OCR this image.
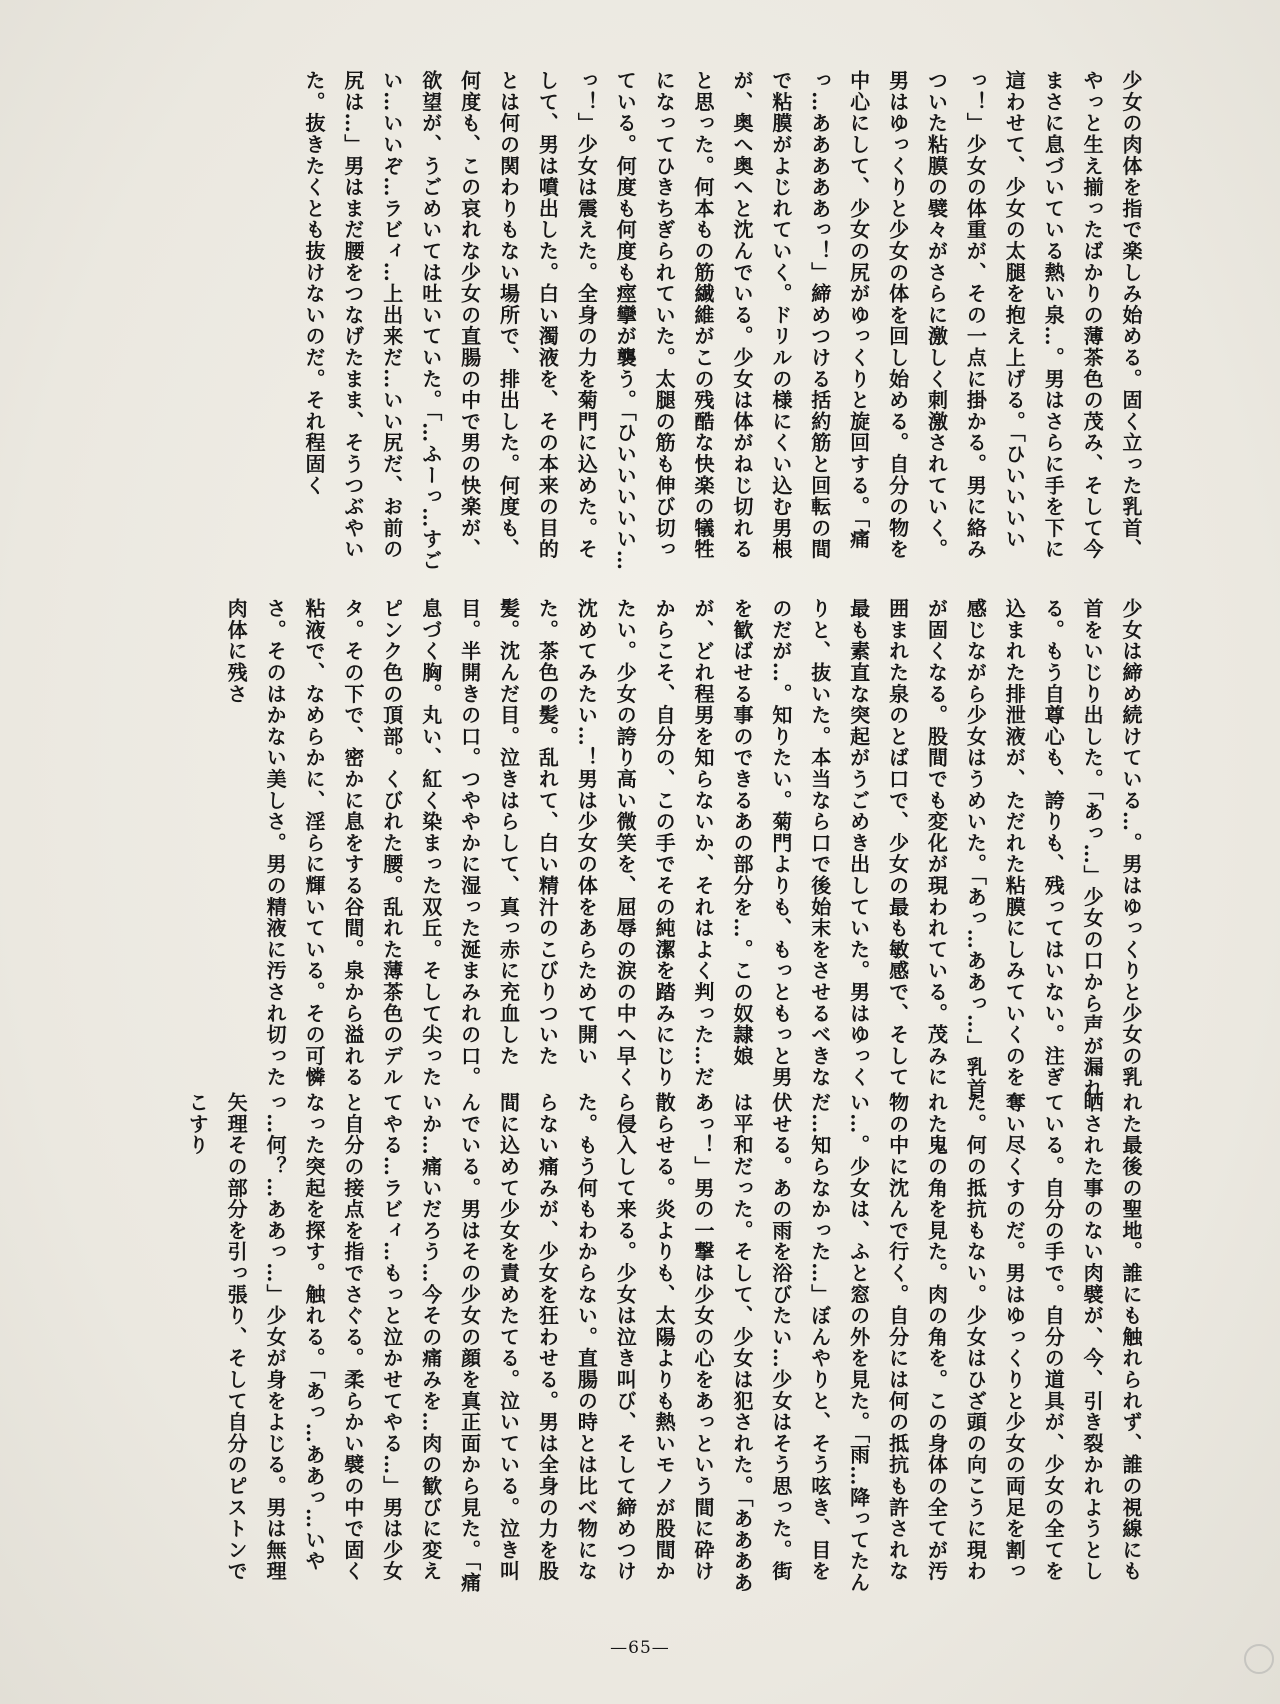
少女の肉体を指で楽しみ始める。固く立った乳首、やっと生え揃ったばかりの薄茶色の茂み、そして今まさに息づいている熱い泉…。男はさらに手を下に這わせて、少女の太腿を抱え上げる。「ひいいいいっ！」少女の体重が、その一点に掛かる。男に絡みついた粘膜の襞々がさらに激しく刺激されていく。男はゆっくりと少女の体を回し始める。自分の物を中心にして、少女の尻がゆっくりと旋回する。「痛っ…あああああっ！」締めつける括約筋と回転の間で粘膜がよじれていく。ドリルの様にくい込む男根が、奥へ奥へと沈んでいる。少女は体がねじ切れると思った。何本もの筋繊維がこの残酷な快楽の犠牲になってひきちぎられていた。太腿の筋も伸び切っている。何度も何度も痙攣が襲う。「ひいいいいい…っ！」少女は震えた。全身の力を菊門に込めた。そして、男は噴出した。白い濁液を、その本来の目的とは何の関わりもない場所で、排出した。何度も、何度も、この哀れな少女の直腸の中で男の快楽が、欲望が、うごめいては吐いていた。「…ふーっ…すごい…いいぞ…ラビィ…上出来だ…いい尻だ、お前の尻は…」男はまだ腰をつなげたまま、そうつぶやいた。抜きたくとも抜けないのだ。それ程固く

少女は締め続けている…。男はゆっくりと少女の乳首をいじり出した。「あっ…」少女の口から声が漏れる。もう自尊心も、誇りも、残ってはいない。注ぎ込まれた排泄液が、ただれた粘膜にしみていくのを感じながら少女はうめいた。「あっ…ああっ…」乳首が固くなる。股間でも変化が現われている。茂みに囲まれた泉のとば口で、少女の最も敏感で、そして最も素直な突起がうごめき出していた。男はゆっくりと、抜いた。本当なら口で後始末をさせるべきなのだが…。知りたい。菊門よりも、もっともっと男を歓ばせる事のできるあの部分を…。この奴隷娘が、どれ程男を知らないか、それはよく判った…だからこそ、自分の、この手でその純潔を踏みにじりたい。少女の誇り高い微笑を、屈辱の涙の中へ早く沈めてみたい…！男は少女の体をあらためて開いた。茶色の髪。乱れて、白い精汁のこびりついた髪。沈んだ目。泣きはらして、真っ赤に充血した目。半開きの口。つややかに湿った涎まみれの口。息づく胸。丸い、紅く染まった双丘。そして尖ったピンク色の頂部。くびれた腰。乱れた薄茶色のデルタ。その下で、密かに息をする谷間。泉から溢れる粘液で、なめらかに、淫らに輝いている。その可憐さ。そのはかない美しさ。男の精液に汚され切った肉体に残さ

れた最後の聖地。誰にも触れられず、誰の視線にも晒された事のない肉襞が、今、引き裂かれようとしている。自分の手で。自分の道具が、少女の全てを奪い尽くすのだ。男はゆっくりと少女の両足を割った。何の抵抗もない。少女はひざ頭の向こうに現われた鬼の角を見た。肉の角を。この身体の全てが汚物の中に沈んで行く。自分には何の抵抗も許されない…。少女は、ふと窓の外を見た。「雨…降ってたんだ…知らなかった…」ぼんやりと、そう呟き、目を伏せる。あの雨を浴びたい…少女はそう思った。街は平和だった。そして、少女は犯された。「あああああっ！」男の一撃は少女の心をあっという間に砕け散らせる。炎よりも、太陽よりも熱いモノが股間から侵入して来る。少女は泣き叫び、そして締めつけた。もう何もわからない。直腸の時とは比べ物にならない痛みが、少女を狂わせる。男は全身の力を股間に込めて少女を責めたてる。泣いている。泣き叫んでいる。男はその少女の顔を真正面から見た。「痛いか…痛いだろう…今その痛みを…肉の歓びに変えてやる…ラビィ…もっと泣かせてやる…」男は少女と自分の接点を指でさぐる。柔らかい襞の中で固くなった突起を探す。触れる。「あっ…ああっ…いやっ…何？…ああっ…」少女が身をよじる。男は無理矢理その部分を引っ張り、そして自分のピストンでこすり

—65—
